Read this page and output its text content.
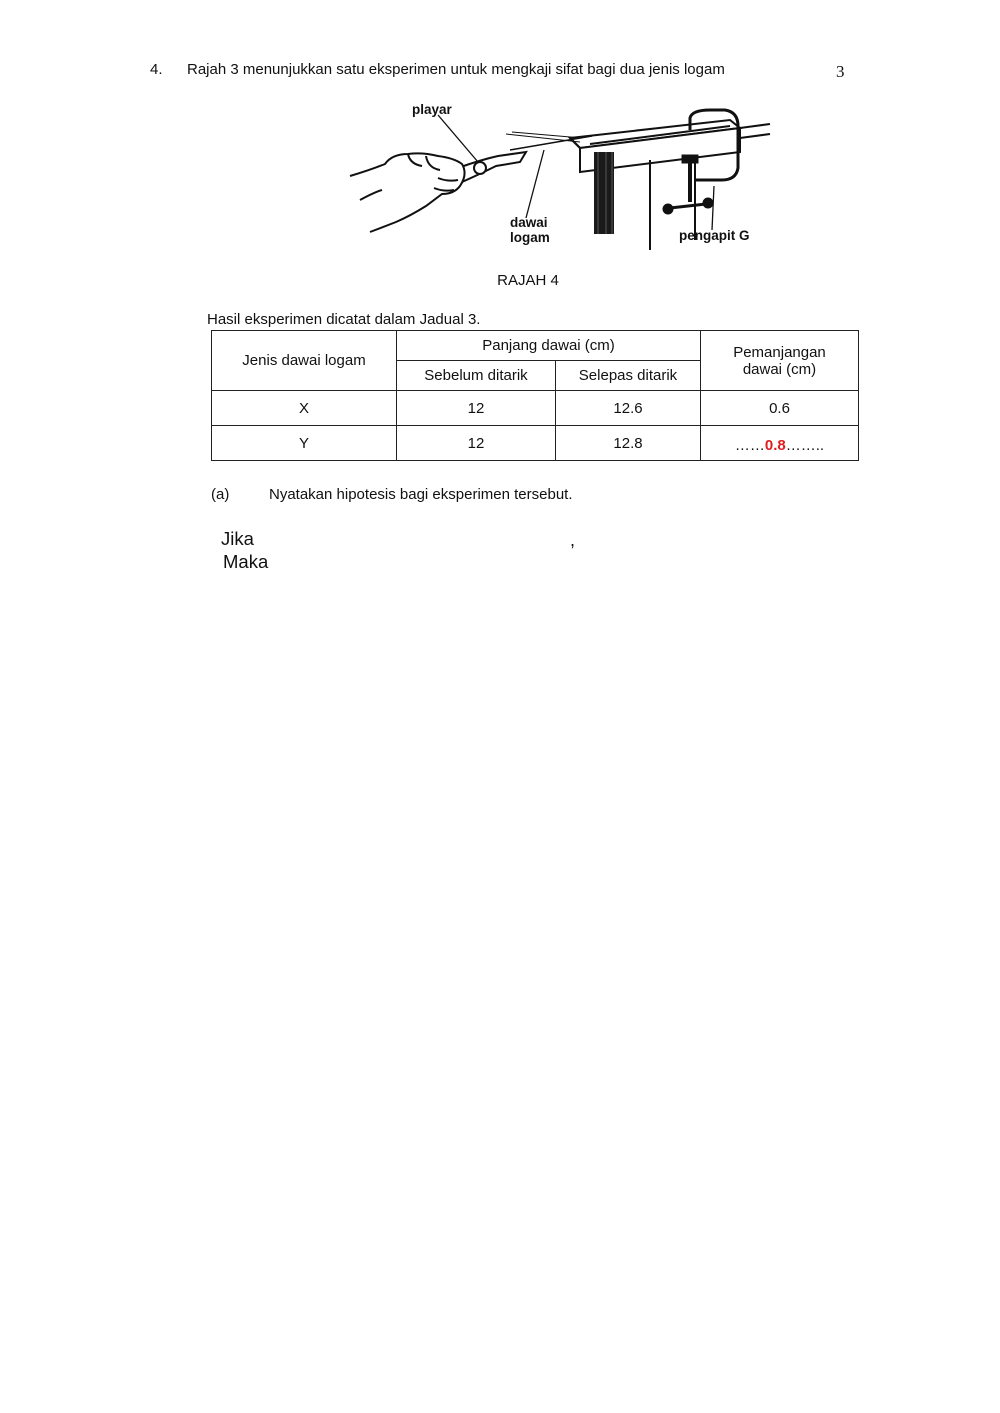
4. Rajah 3 menunjukkan satu eksperimen untuk mengkaji sifat bagi dua jenis logam	3
playar
dawai
logam	pengapit G
RAJAH 4
Hasil eksperimen dicatat dalam Jadual 3.
Jenis dawai logam	Panjang dawai (cm)		Pemanjangan
dawai (cm)
	Sebelum ditarik	Selepas ditarik	
X	12	12.6	0.6
Y	12	12.8	……0.8……..
(a)	Nyatakan hipotesis bagi eksperimen tersebut.
Jika	,
Maka
